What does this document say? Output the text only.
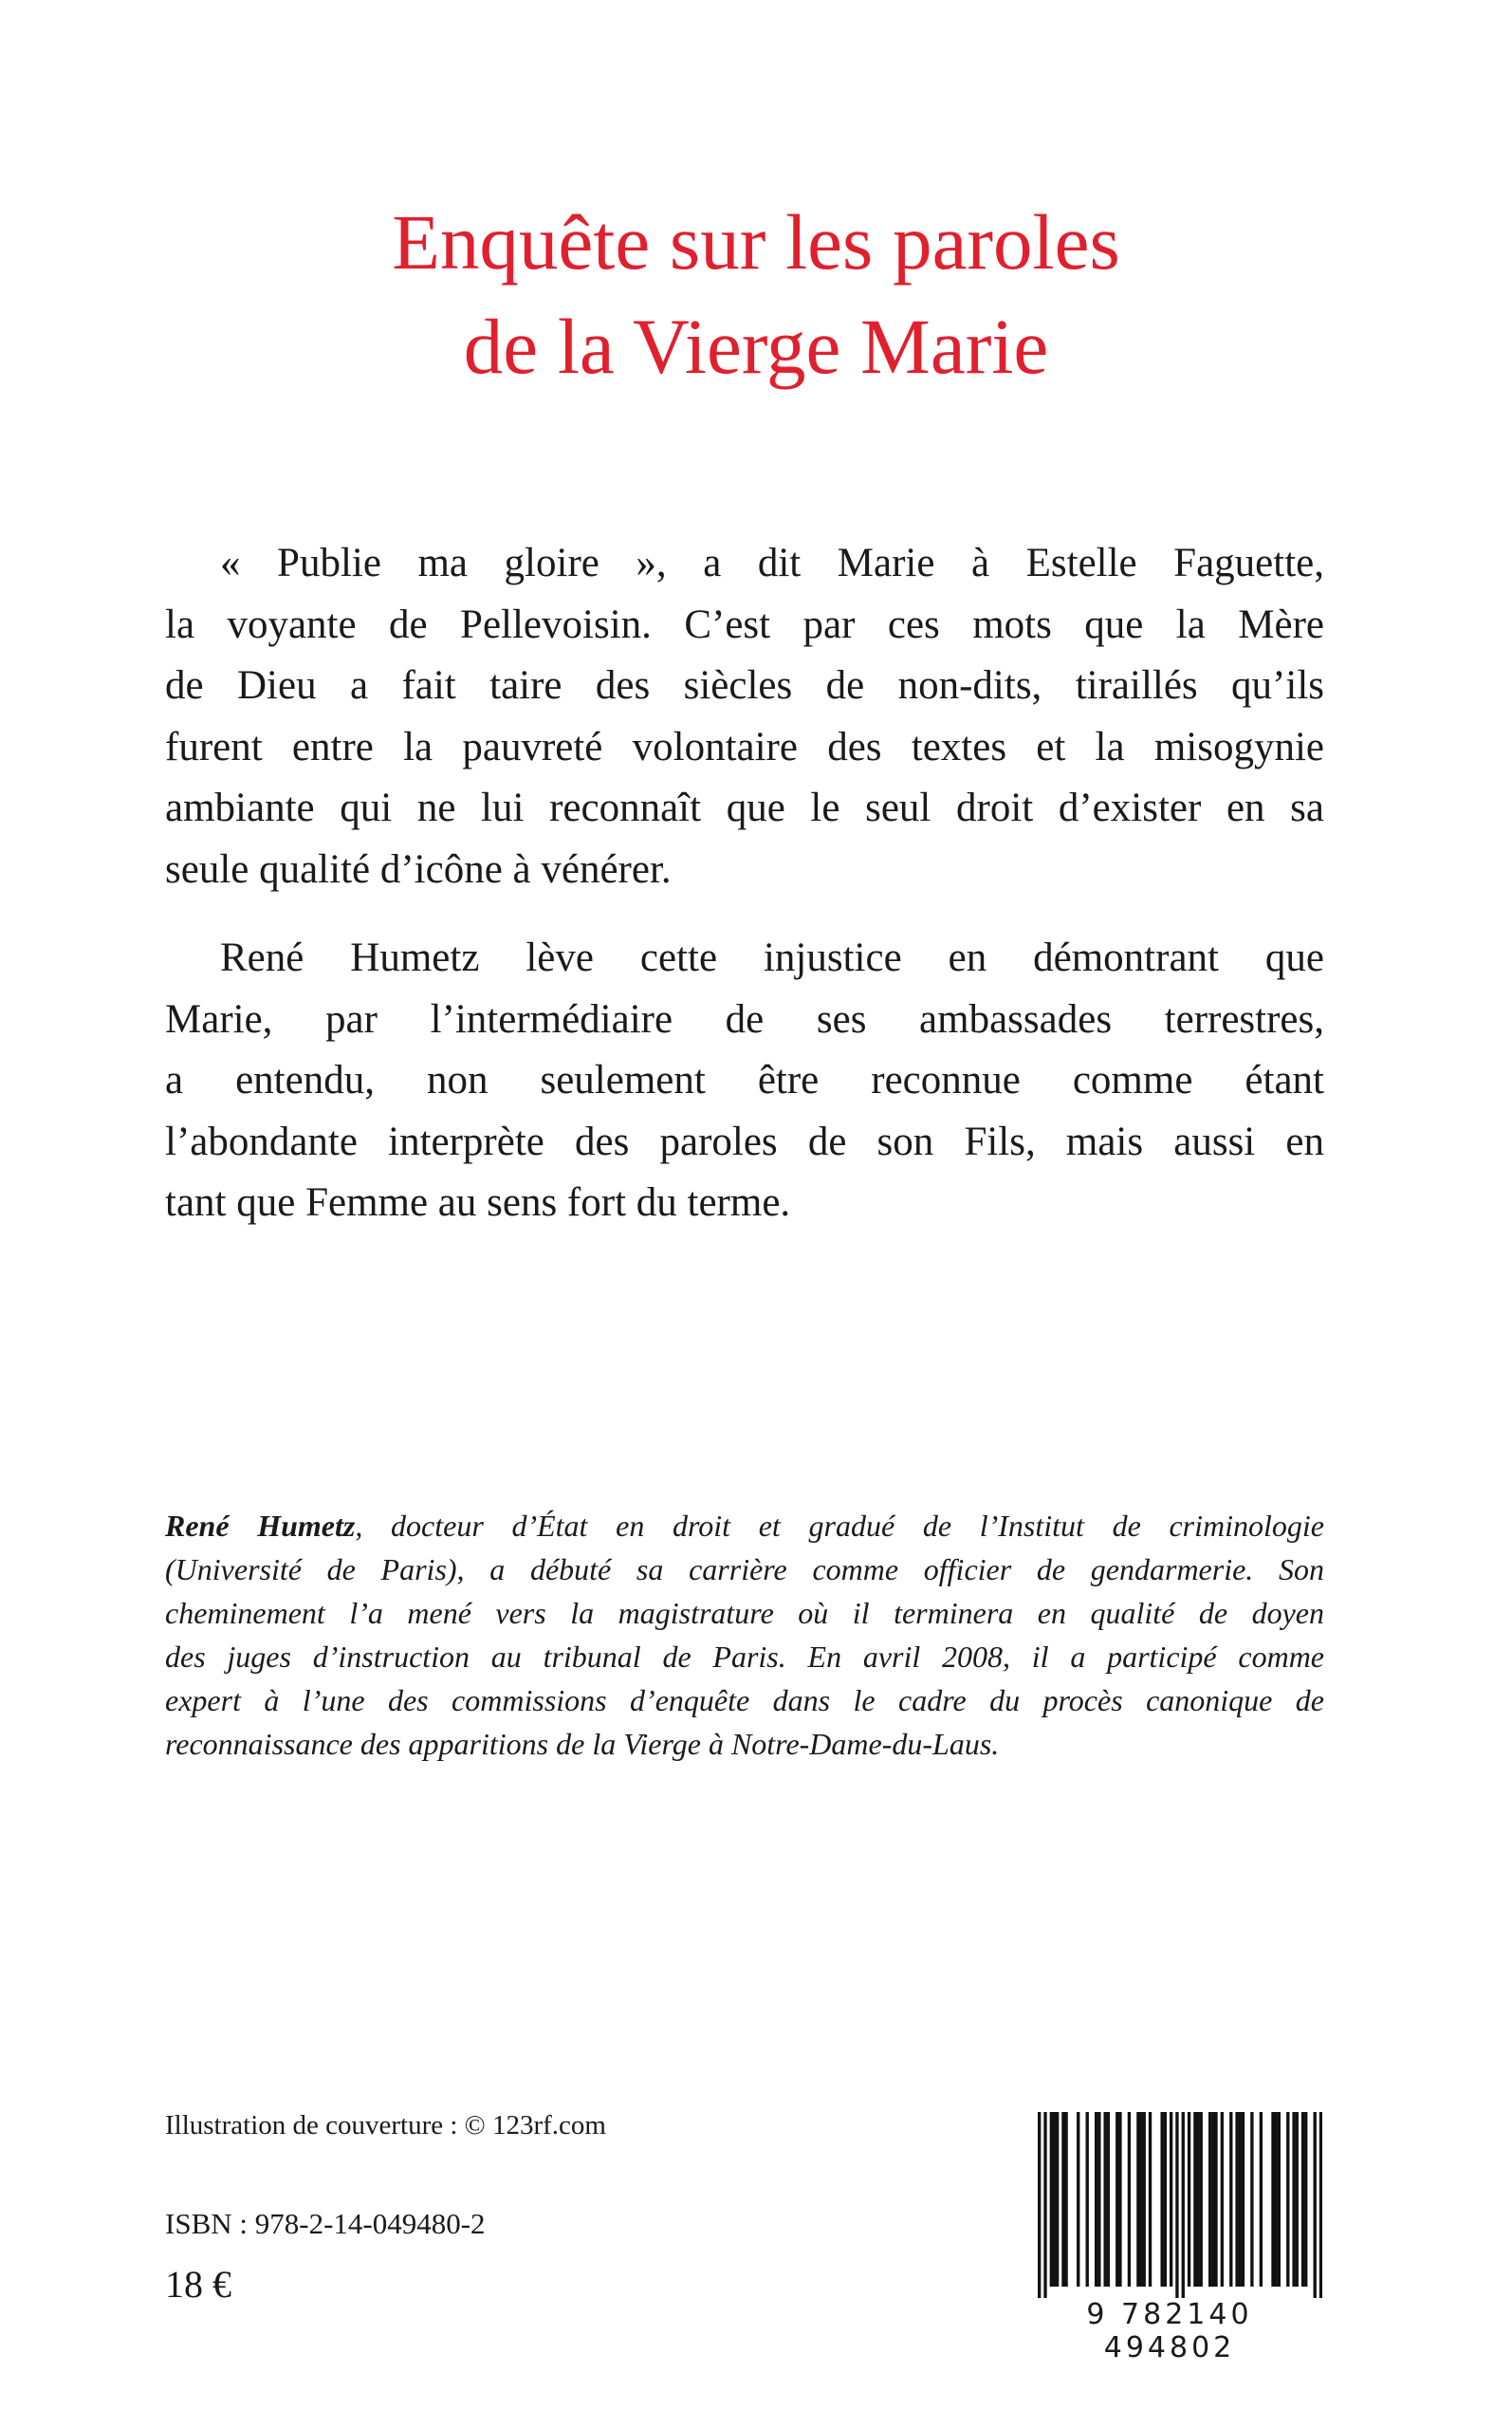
Enquête sur les paroles
de la Vierge Marie
« Publie ma gloire », a dit Marie à Estelle Faguette,
la voyante de Pellevoisin. C’est par ces mots que la Mère
de Dieu a fait taire des siècles de non-dits, tiraillés qu’ils
furent entre la pauvreté volontaire des textes et la misogynie
ambiante qui ne lui reconnaît que le seul droit d’exister en sa
seule qualité d’icône à vénérer.
René Humetz lève cette injustice en démontrant que
Marie, par l’intermédiaire de ses ambassades terrestres,
a entendu, non seulement être reconnue comme étant
l’abondante interprète des paroles de son Fils, mais aussi en
tant que Femme au sens fort du terme.
René Humetz, docteur d’État en droit et gradué de l’Institut de criminologie
(Université de Paris), a débuté sa carrière comme officier de gendarmerie. Son
cheminement l’a mené vers la magistrature où il terminera en qualité de doyen
des juges d’instruction au tribunal de Paris. En avril 2008, il a participé comme
expert à l’une des commissions d’enquête dans le cadre du procès canonique de
reconnaissance des apparitions de la Vierge à Notre-Dame-du-Laus.

Illustration de couverture : © 123rf.com

ISBN : 978-2-14-049480-2

18 €

9 782140 494802
